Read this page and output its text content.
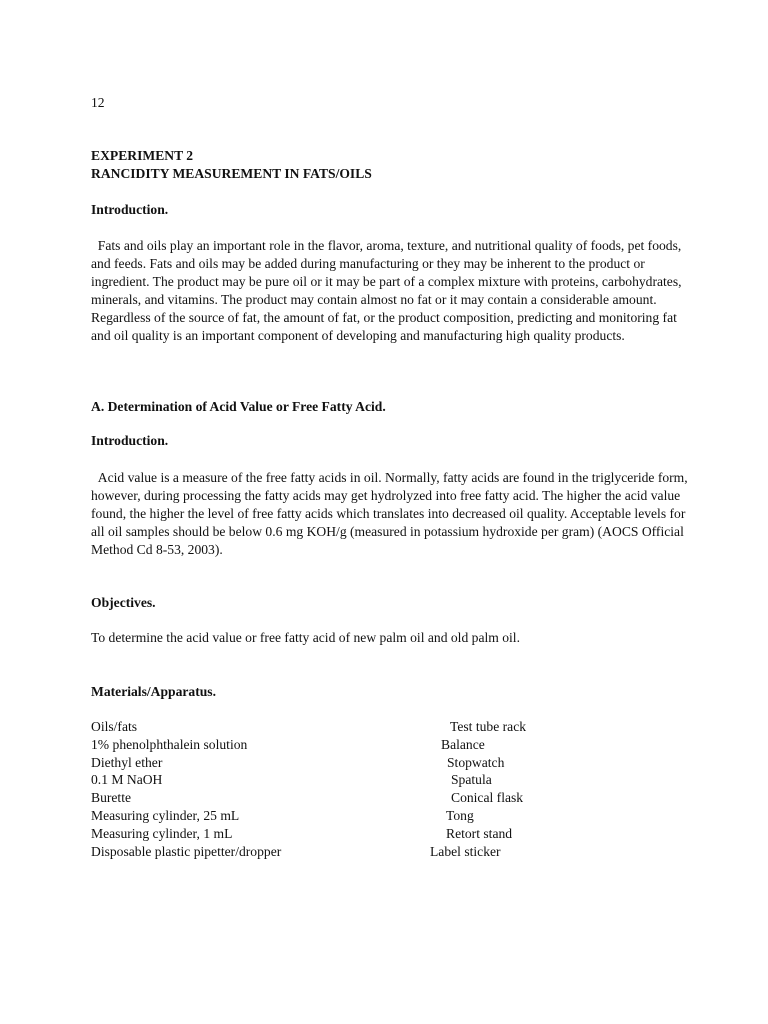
12
EXPERIMENT 2
RANCIDITY MEASUREMENT IN FATS/OILS
Introduction.
Fats and oils play an important role in the flavor, aroma, texture, and nutritional quality of foods, pet foods, and feeds. Fats and oils may be added during manufacturing or they may be inherent to the product or ingredient. The product may be pure oil or it may be part of a complex mixture with proteins, carbohydrates, minerals, and vitamins. The product may contain almost no fat or it may contain a considerable amount. Regardless of the source of fat, the amount of fat, or the product composition, predicting and monitoring fat and oil quality is an important component of developing and manufacturing high quality products.
A. Determination of Acid Value or Free Fatty Acid.
Introduction.
Acid value is a measure of the free fatty acids in oil. Normally, fatty acids are found in the triglyceride form, however, during processing the fatty acids may get hydrolyzed into free fatty acid. The higher the acid value found, the higher the level of free fatty acids which translates into decreased oil quality. Acceptable levels for all oil samples should be below 0.6 mg KOH/g (measured in potassium hydroxide per gram) (AOCS Official Method Cd 8-53, 2003).
Objectives.
To determine the acid value or free fatty acid of new palm oil and old palm oil.
Materials/Apparatus.
Oils/fats	Test tube rack
1% phenolphthalein solution	Balance
Diethyl ether	Stopwatch
0.1 M NaOH	Spatula
Burette	Conical flask
Measuring cylinder, 25 mL	Tong
Measuring cylinder, 1 mL	Retort stand
Disposable plastic pipetter/dropper	Label sticker
